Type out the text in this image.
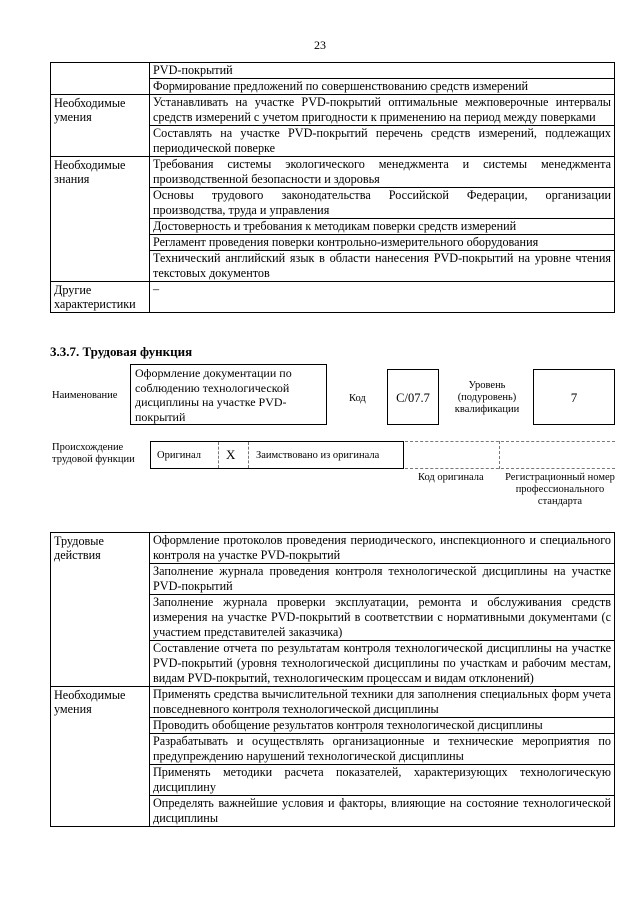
23
	PVD-покрытий
	Формирование предложений по совершенствованию средств измерений
Необходимые умения	Устанавливать на участке PVD-покрытий оптимальные межповерочные интервалы средств измерений с учетом пригодности к применению на период между поверками
	Составлять на участке PVD-покрытий перечень средств измерений, подлежащих периодической поверке
Необходимые знания	Требования системы экологического менеджмента и системы менеджмента производственной безопасности и здоровья
	Основы трудового законодательства Российской Федерации, организации производства, труда и управления
	Достоверность и требования к методикам поверки средств измерений
	Регламент проведения поверки контрольно-измерительного оборудования
	Технический английский язык в области нанесения PVD-покрытий на уровне чтения текстовых документов
Другие характеристики	–
3.3.7. Трудовая функция
Наименование
Оформление документации по соблюдению технологической дисциплины на участке PVD-покрытий
Код	C/07.7
Уровень (подуровень) квалификации
7
Происхождение трудовой функции	Оригинал X Заимствовано из оригинала
Код оригинала Регистрационный номер профессионального стандарта
Трудовые действия	Оформление протоколов проведения периодического, инспекционного и специального контроля на участке PVD-покрытий
	Заполнение журнала проведения контроля технологической дисциплины на участке PVD-покрытий
	Заполнение журнала проверки эксплуатации, ремонта и обслуживания средств измерения на участке PVD-покрытий в соответствии с нормативными документами (с участием представителей заказчика)
	Составление отчета по результатам контроля технологической дисциплины на участке PVD-покрытий (уровня технологической дисциплины по участкам и рабочим местам, видам PVD-покрытий, технологическим процессам и видам отклонений)
Необходимые умения	Применять средства вычислительной техники для заполнения специальных форм учета повседневного контроля технологической дисциплины
	Проводить обобщение результатов контроля технологической дисциплины
	Разрабатывать и осуществлять организационные и технические мероприятия по предупреждению нарушений технологической дисциплины
	Применять методики расчета показателей, характеризующих технологическую дисциплину
	Определять важнейшие условия и факторы, влияющие на состояние технологической дисциплины
